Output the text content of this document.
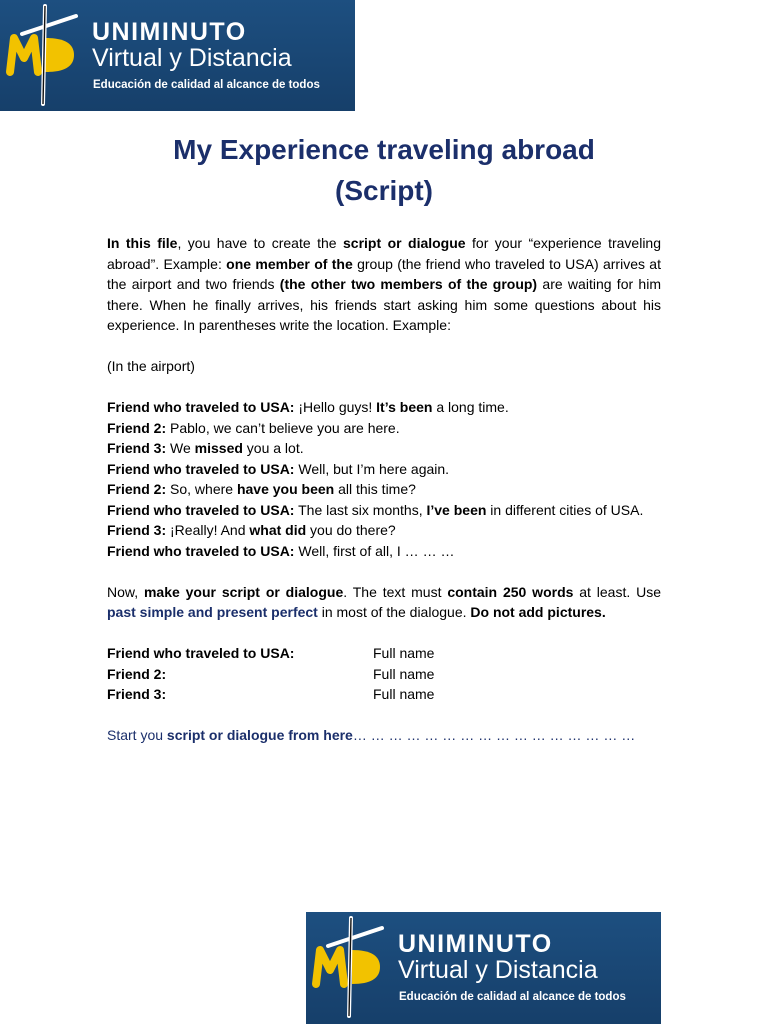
UNIMINUTO
Virtual y Distancia
Educación de calidad al alcance de todos
My Experience traveling abroad
(Script)

In this file, you have to create the script or dialogue for your “experience traveling abroad”. Example: one member of the group (the friend who traveled to USA) arrives at the airport and two friends (the other two members of the group) are waiting for him there. When he finally arrives, his friends start asking him some questions about his experience. In parentheses write the location. Example:

(In the airport)

Friend who traveled to USA: ¡Hello guys! It’s been a long time.

Friend 2: Pablo, we can’t believe you are here.

Friend 3: We missed you a lot.

Friend who traveled to USA: Well, but I’m here again.

Friend 2: So, where have you been all this time?

Friend who traveled to USA: The last six months, I’ve been in different cities of USA.

Friend 3: ¡Really! And what did you do there?

Friend who traveled to USA: Well, first of all, I … … …

Now, make your script or dialogue. The text must contain 250 words at least. Use past simple and present perfect in most of the dialogue. Do not add pictures.

Friend who traveled to USA:	Full name
Friend 2:	Full name
Friend 3:	Full name

Start you script or dialogue from here… … … … … … … … … … … … … … … …

UNIMINUTO
Virtual y Distancia
Educación de calidad al alcance de todos
